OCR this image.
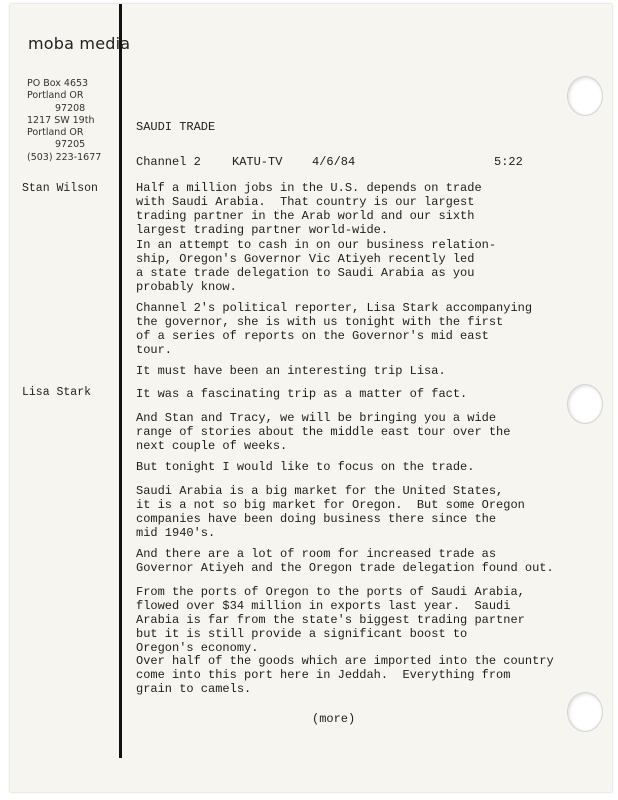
moba media
PO Box 4653
Portland OR
97208
1217 SW 19th
Portland OR
97205
(503) 223-1677
Stan Wilson
Lisa Stark
SAUDI TRADE
Channel 2	KATU-TV 4/6/84	5:22
Half a million jobs in the U.S. depends on trade
with Saudi Arabia.  That country is our largest
trading partner in the Arab world and our sixth
largest trading partner world-wide.
In an attempt to cash in on our business relation-
ship, Oregon's Governor Vic Atiyeh recently led
a state trade delegation to Saudi Arabia as you
probably know.
Channel 2's political reporter, Lisa Stark accompanying
the governor, she is with us tonight with the first
of a series of reports on the Governor's mid east
tour.
It must have been an interesting trip Lisa.
It was a fascinating trip as a matter of fact.
And Stan and Tracy, we will be bringing you a wide
range of stories about the middle east tour over the
next couple of weeks.
But tonight I would like to focus on the trade.
Saudi Arabia is a big market for the United States,
it is a not so big market for Oregon.  But some Oregon
companies have been doing business there since the
mid 1940's.
And there are a lot of room for increased trade as
Governor Atiyeh and the Oregon trade delegation found out.
From the ports of Oregon to the ports of Saudi Arabia,
flowed over $34 million in exports last year.  Saudi
Arabia is far from the state's biggest trading partner
but it is still provide a significant boost to
Oregon's economy.
Over half of the goods which are imported into the country
come into this port here in Jeddah.  Everything from
grain to camels.
(more)
